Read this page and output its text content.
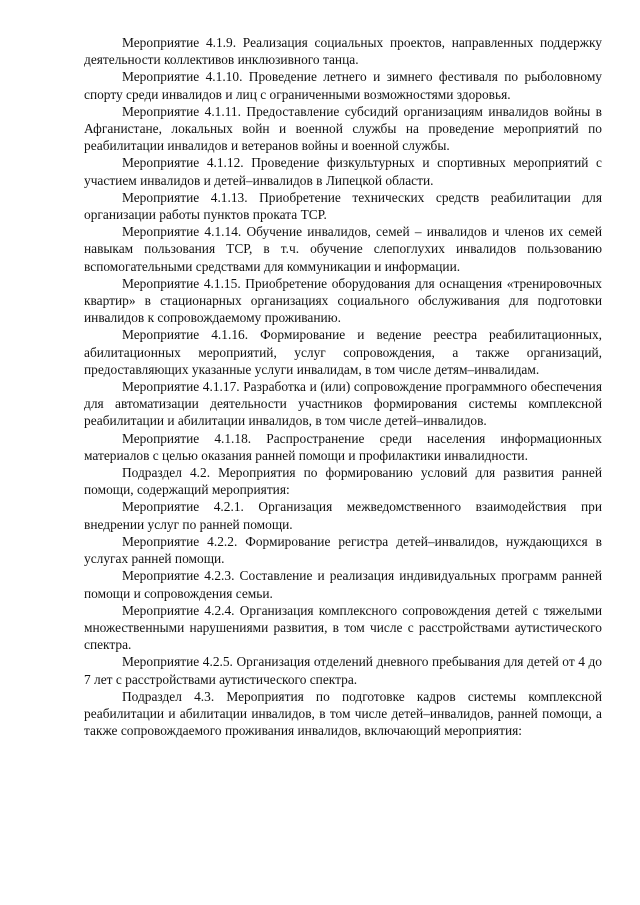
Мероприятие 4.1.9. Реализация социальных проектов, направленных поддержку деятельности коллективов инклюзивного танца.

Мероприятие 4.1.10. Проведение летнего и зимнего фестиваля по рыболовному спорту среди инвалидов и лиц с ограниченными возможностями здоровья.

Мероприятие 4.1.11. Предоставление субсидий организациям инвалидов войны в Афганистане, локальных войн и военной службы на проведение мероприятий по реабилитации инвалидов и ветеранов войны и военной службы.

Мероприятие 4.1.12. Проведение физкультурных и спортивных мероприятий с участием инвалидов и детей–инвалидов в Липецкой области.

Мероприятие 4.1.13. Приобретение технических средств реабилитации для организации работы пунктов проката ТСР.

Мероприятие 4.1.14. Обучение инвалидов, семей – инвалидов и членов их семей навыкам пользования ТСР, в т.ч. обучение слепоглухих инвалидов пользованию вспомогательными средствами для коммуникации и информации.

Мероприятие 4.1.15. Приобретение оборудования для оснащения «тренировочных квартир» в стационарных организациях социального обслуживания для подготовки инвалидов к сопровождаемому проживанию.

Мероприятие 4.1.16. Формирование и ведение реестра реабилитационных, абилитационных мероприятий, услуг сопровождения, а также организаций, предоставляющих указанные услуги инвалидам, в том числе детям–инвалидам.

Мероприятие 4.1.17. Разработка и (или) сопровождение программного обеспечения для автоматизации деятельности участников формирования системы комплексной реабилитации и абилитации инвалидов, в том числе детей–инвалидов.

Мероприятие 4.1.18. Распространение среди населения информационных материалов с целью оказания ранней помощи и профилактики инвалидности.

Подраздел 4.2. Мероприятия по формированию условий для развития ранней помощи, содержащий мероприятия:

Мероприятие 4.2.1. Организация межведомственного взаимодействия при внедрении услуг по ранней помощи.

Мероприятие 4.2.2. Формирование регистра детей–инвалидов, нуждающихся в услугах ранней помощи.

Мероприятие 4.2.3. Составление и реализация индивидуальных программ ранней помощи и сопровождения семьи.

Мероприятие 4.2.4. Организация комплексного сопровождения детей с тяжелыми множественными нарушениями развития, в том числе с расстройствами аутистического спектра.

Мероприятие 4.2.5. Организация отделений дневного пребывания для детей от 4 до 7 лет с расстройствами аутистического спектра.

Подраздел 4.3. Мероприятия по подготовке кадров системы комплексной реабилитации и абилитации инвалидов, в том числе детей–инвалидов, ранней помощи, а также сопровождаемого проживания инвалидов, включающий мероприятия:
